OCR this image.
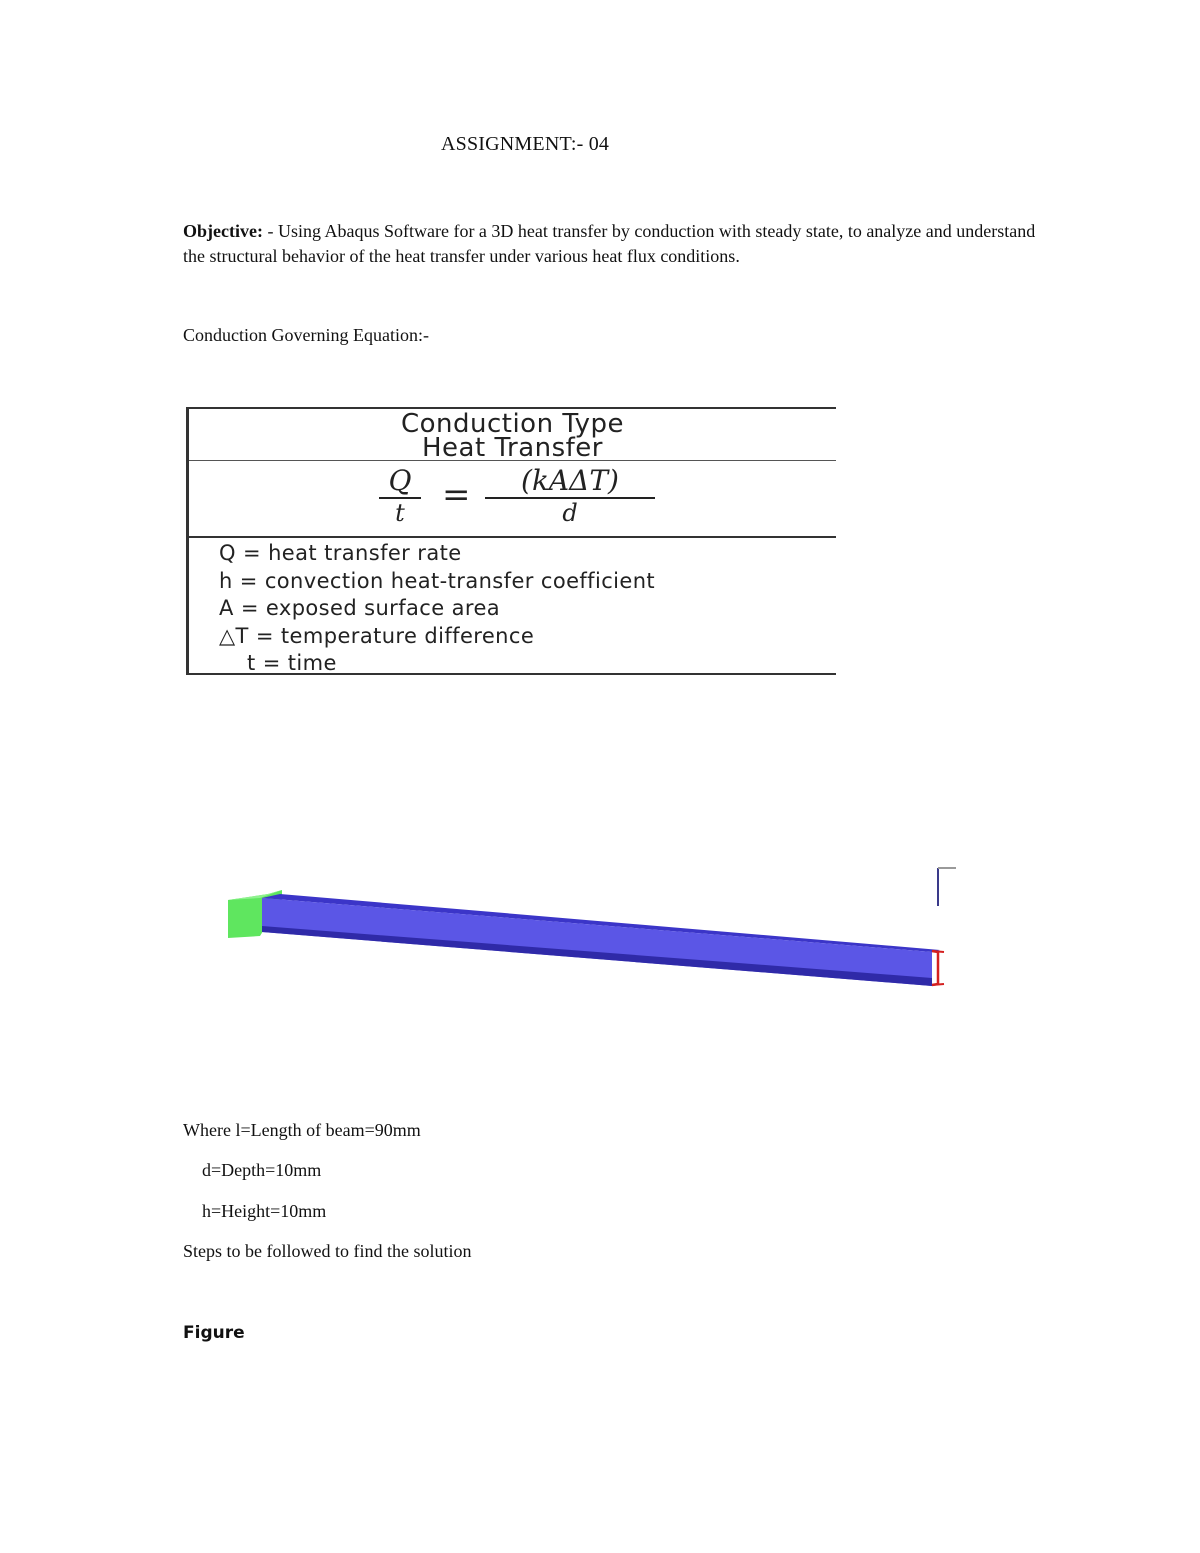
ASSIGNMENT:- 04
Objective: - Using Abaqus Software for a 3D heat transfer by conduction with steady state, to analyze and understand the structural behavior of the heat transfer under various heat flux conditions.
Conduction Governing Equation:-
Conduction Type
Heat Transfer
Q
t	=	(kAΔT)
d
Q = heat transfer rate
h = convection heat-transfer coefficient
A = exposed surface area
△T = temperature difference
t = time
Where l=Length of beam=90mm
d=Depth=10mm
h=Height=10mm
Steps to be followed to find the solution
Figure
